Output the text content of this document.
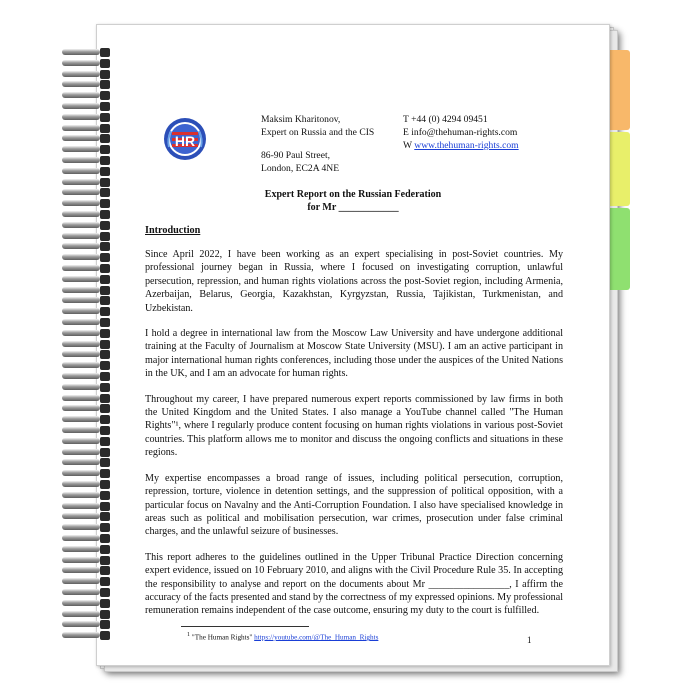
HR
Maksim Kharitonov,
Expert on Russia and the CIS
86-90 Paul Street,
London, EC2A 4NE
T +44 (0) 4294 09451
E info@thehuman-rights.com
W www.thehuman-rights.com
Expert Report on the Russian Federation
for Mr ____________
Introduction

Since April 2022, I have been working as an expert specialising in post-Soviet countries. My professional journey began in Russia, where I focused on investigating corruption, unlawful persecution, repression, and human rights violations across the post-Soviet region, including Armenia, Azerbaijan, Belarus, Georgia, Kazakhstan, Kyrgyzstan, Russia, Tajikistan, Turkmenistan, and Uzbekistan.

I hold a degree in international law from the Moscow Law University and have undergone additional training at the Faculty of Journalism at Moscow State University (MSU). I am an active participant in major international human rights conferences, including those under the auspices of the United Nations in the UK, and I am an advocate for human rights.

Throughout my career, I have prepared numerous expert reports commissioned by law firms in both the United Kingdom and the United States. I also manage a YouTube channel called "The Human Rights"¹, where I regularly produce content focusing on human rights violations in various post-Soviet countries. This platform allows me to monitor and discuss the ongoing conflicts and situations in these regions.

My expertise encompasses a broad range of issues, including political persecution, corruption, repression, torture, violence in detention settings, and the suppression of political opposition, with a particular focus on Navalny and the Anti-Corruption Foundation. I also have specialised knowledge in areas such as political and mobilisation persecution, war crimes, prosecution under false criminal charges, and the unlawful seizure of businesses.

This report adheres to the guidelines outlined in the Upper Tribunal Practice Direction concerning expert evidence, issued on 10 February 2010, and aligns with the Civil Procedure Rule 35. In accepting the responsibility to analyse and report on the documents about Mr ________________, I affirm the accuracy of the facts presented and stand by the correctness of my expressed opinions. My professional remuneration remains independent of the case outcome, ensuring my duty to the court is fulfilled.

$^1$ "The Human Rights" https://youtube.com/@The_Human_Rights	1
